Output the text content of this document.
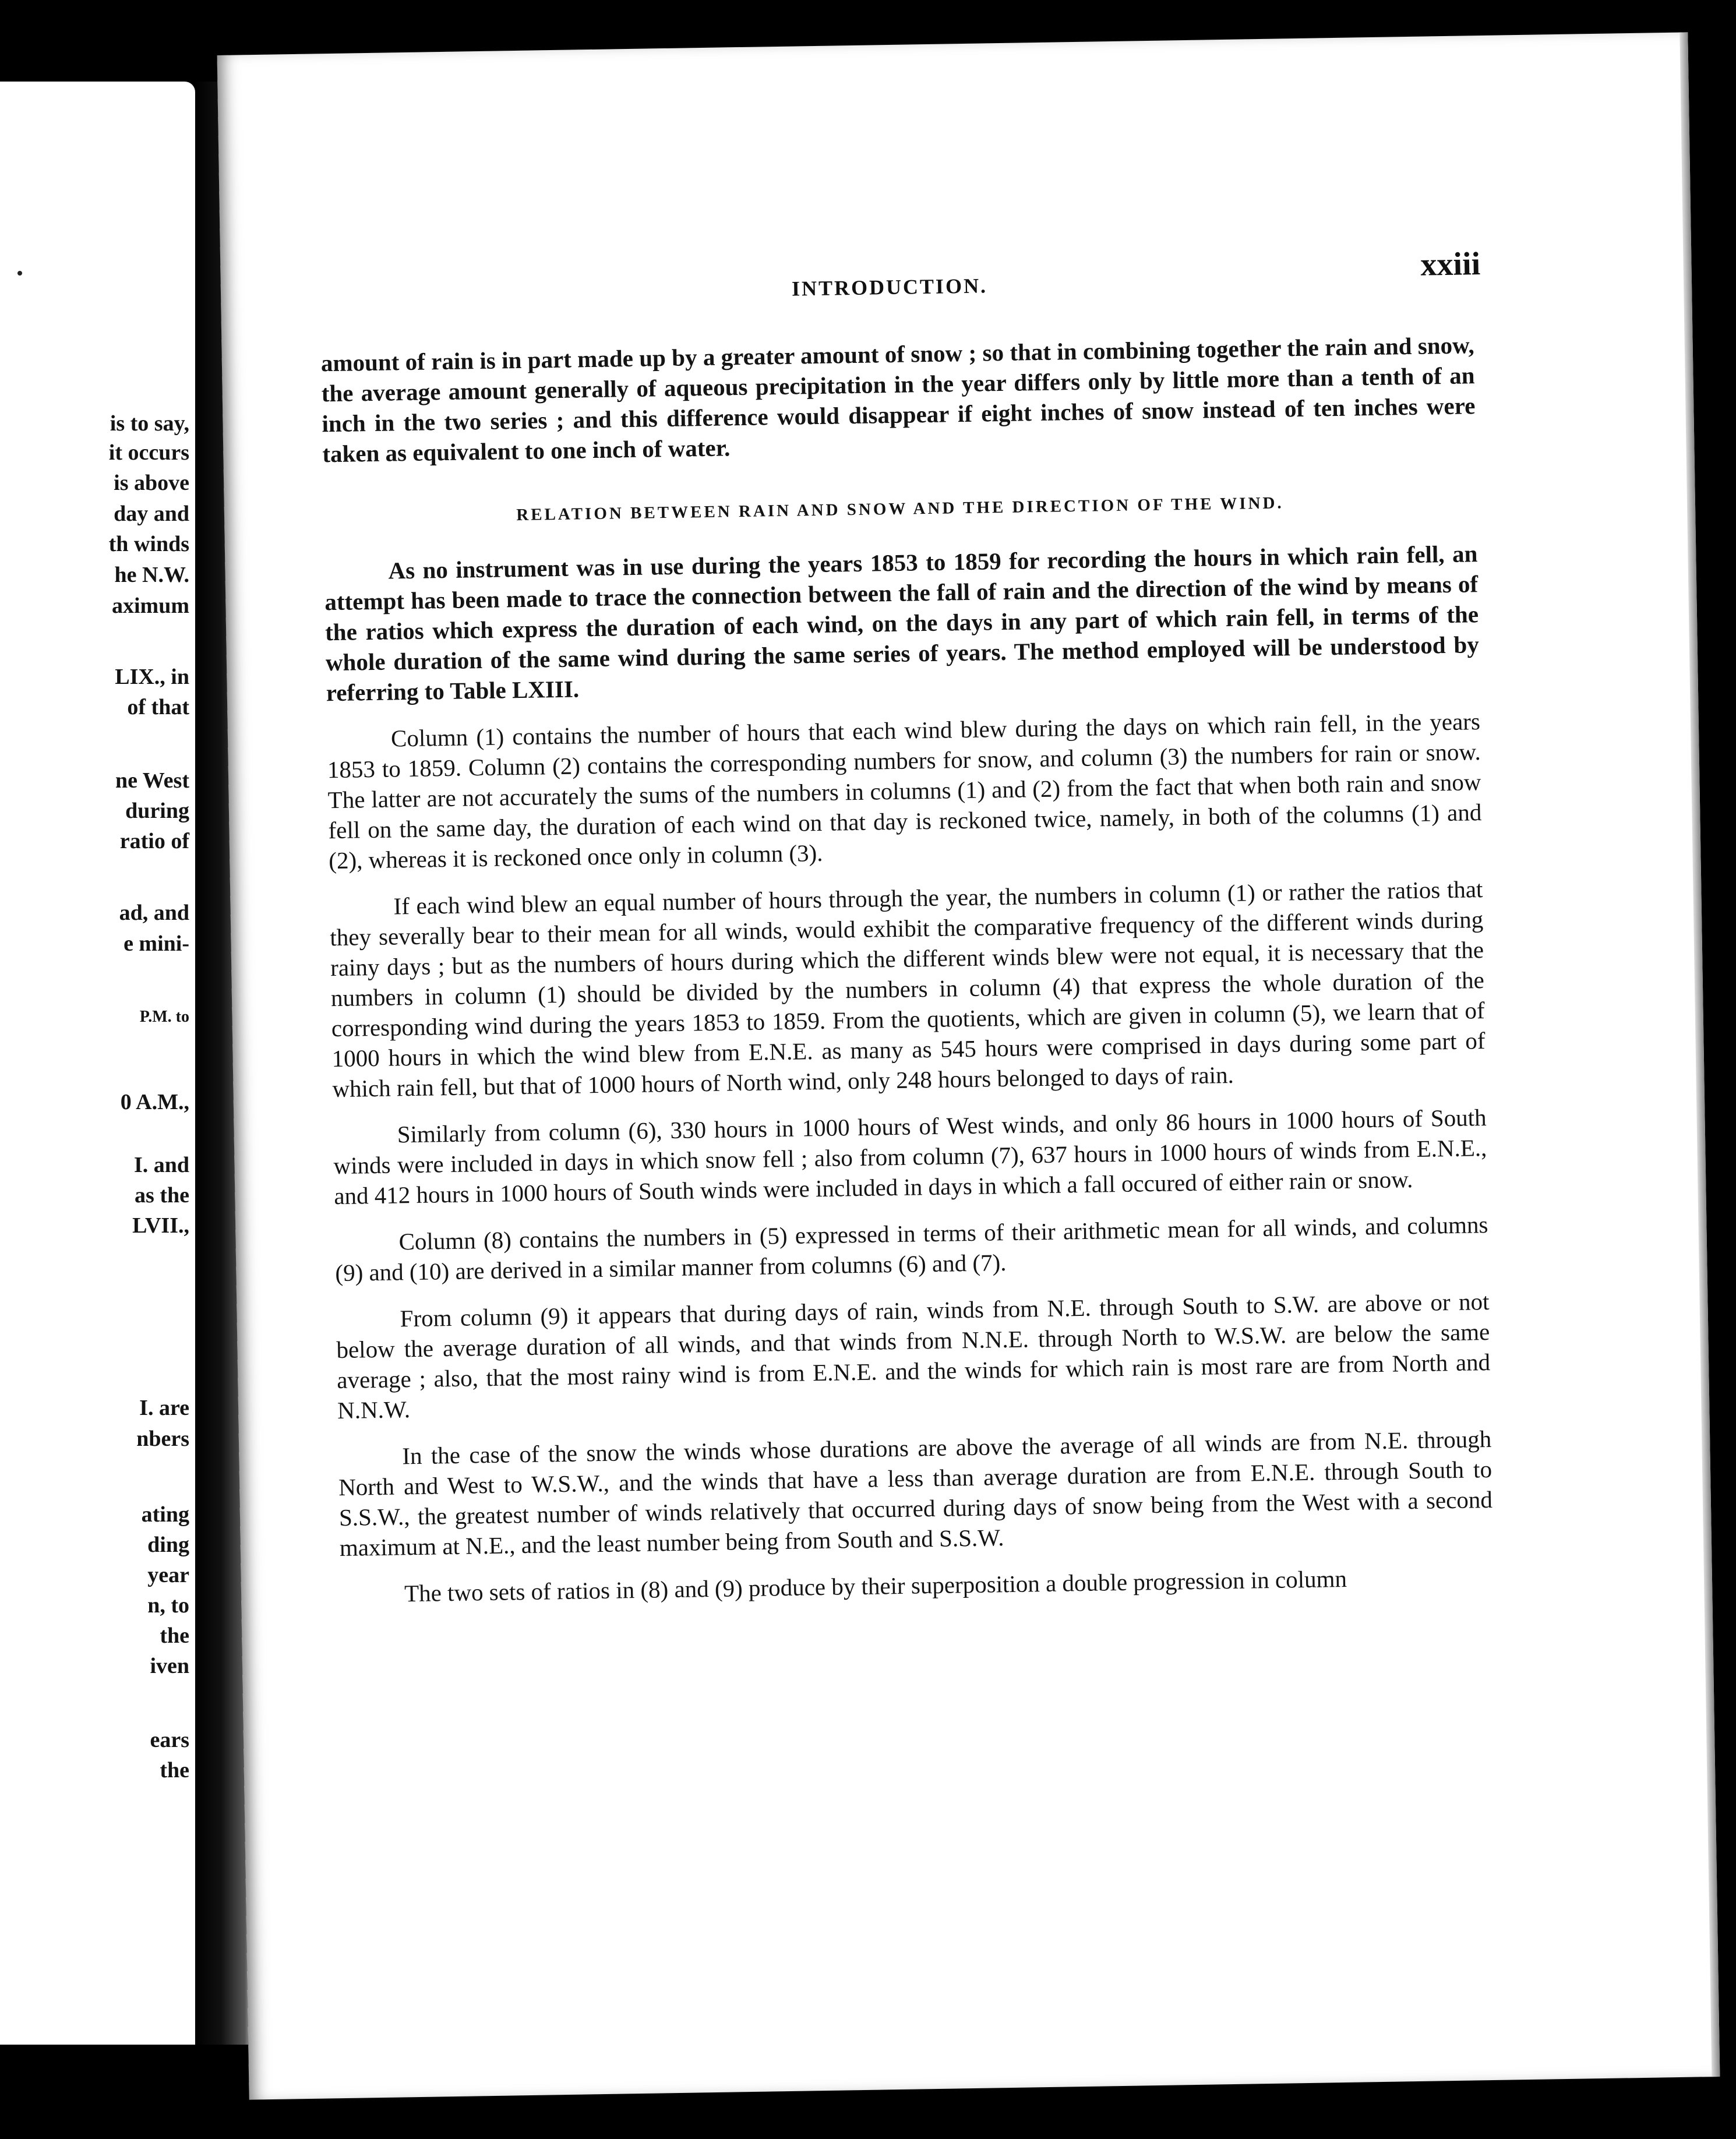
is to say,
it occurs
is above
day and
th winds
he N.W.
aximum
LIX., in
of that
ne West
during
ratio of
ad, and
e mini-
P.M. to
0 A.M.,
I. and
as the
LVII.,
I. are
nbers
ating
ding
year
n, to
the
iven
ears
the
INTRODUCTION.
xxiii

amount of rain is in part made up by a greater amount of snow ; so that in combining together the rain and snow, the average amount generally of aqueous precipitation in the year differs only by little more than a tenth of an inch in the two series ; and this difference would disappear if eight inches of snow instead of ten inches were taken as equivalent to one inch of water.

RELATION BETWEEN RAIN AND SNOW AND THE DIRECTION OF THE WIND.

As no instrument was in use during the years 1853 to 1859 for recording the hours in which rain fell, an attempt has been made to trace the connection between the fall of rain and the direction of the wind by means of the ratios which express the duration of each wind, on the days in any part of which rain fell, in terms of the whole duration of the same wind during the same series of years. The method employed will be understood by referring to Table LXIII.

Column (1) contains the number of hours that each wind blew during the days on which rain fell, in the years 1853 to 1859. Column (2) contains the corresponding numbers for snow, and column (3) the numbers for rain or snow. The latter are not accurately the sums of the numbers in columns (1) and (2) from the fact that when both rain and snow fell on the same day, the duration of each wind on that day is reckoned twice, namely, in both of the columns (1) and (2), whereas it is reckoned once only in column (3).

If each wind blew an equal number of hours through the year, the numbers in column (1) or rather the ratios that they severally bear to their mean for all winds, would exhibit the comparative frequency of the different winds during rainy days ; but as the numbers of hours during which the different winds blew were not equal, it is necessary that the numbers in column (1) should be divided by the numbers in column (4) that express the whole duration of the corresponding wind during the years 1853 to 1859. From the quotients, which are given in column (5), we learn that of 1000 hours in which the wind blew from E.N.E. as many as 545 hours were comprised in days during some part of which rain fell, but that of 1000 hours of North wind, only 248 hours belonged to days of rain.

Similarly from column (6), 330 hours in 1000 hours of West winds, and only 86 hours in 1000 hours of South winds were included in days in which snow fell ; also from column (7), 637 hours in 1000 hours of winds from E.N.E., and 412 hours in 1000 hours of South winds were included in days in which a fall occured of either rain or snow.

Column (8) contains the numbers in (5) expressed in terms of their arithmetic mean for all winds, and columns (9) and (10) are derived in a similar manner from columns (6) and (7).

From column (9) it appears that during days of rain, winds from N.E. through South to S.W. are above or not below the average duration of all winds, and that winds from N.N.E. through North to W.S.W. are below the same average ; also, that the most rainy wind is from E.N.E. and the winds for which rain is most rare are from North and N.N.W.

In the case of the snow the winds whose durations are above the average of all winds are from N.E. through North and West to W.S.W., and the winds that have a less than average duration are from E.N.E. through South to S.S.W., the greatest number of winds relatively that occurred during days of snow being from the West with a second maximum at N.E., and the least number being from South and S.S.W.

The two sets of ratios in (8) and (9) produce by their superposition a double progression in column
